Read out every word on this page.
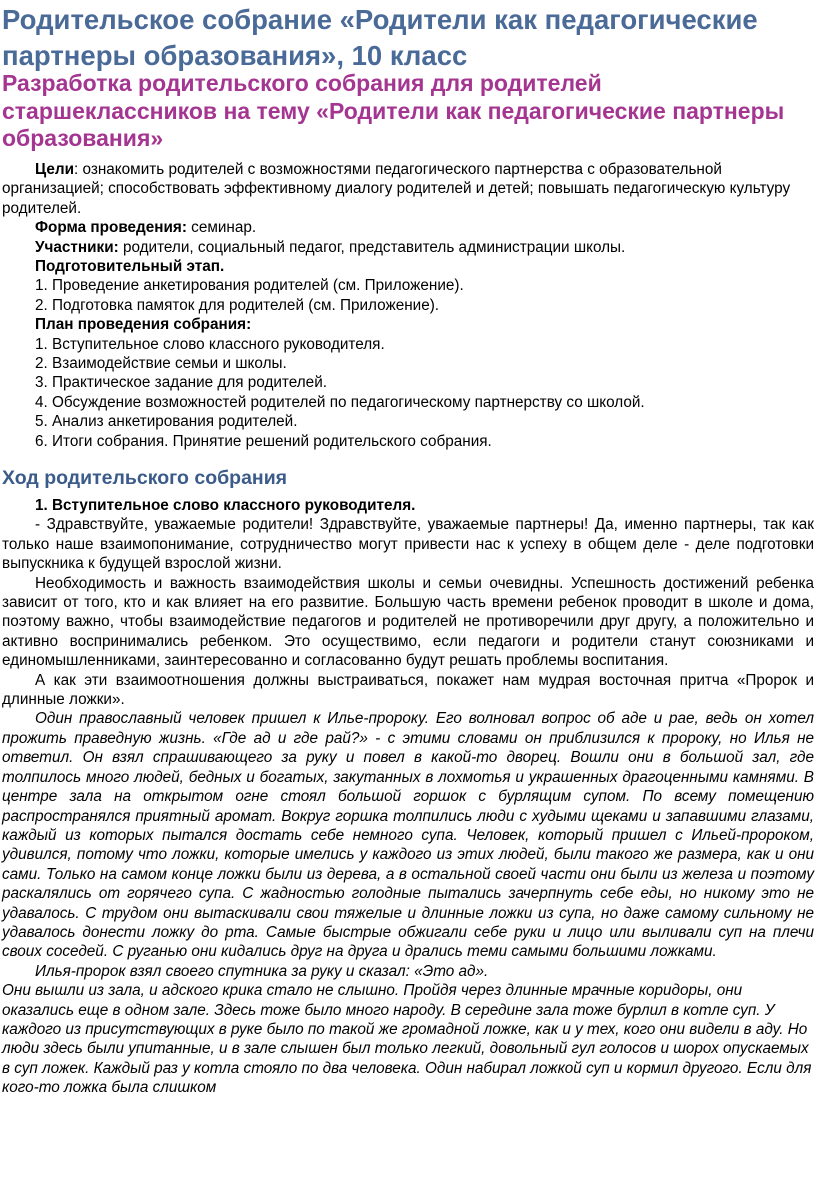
Родительское собрание «Родители как педагогические партнеры образования», 10 класс
Разработка родительского собрания для родителей старшеклассников на тему «Родители как педагогические партнеры образования»

Цели: ознакомить родителей с возможностями педагогического партнерства с образовательной организацией; способствовать эффективному диалогу родителей и детей; повышать педагогическую культуру родителей.

Форма проведения: семинар.

Участники: родители, социальный педагог, представитель администрации школы.

Подготовительный этап.

1. Проведение анкетирования родителей (см. Приложение).

2. Подготовка памяток для родителей (см. Приложение).

План проведения собрания:

1. Вступительное слово классного руководителя.

2. Взаимодействие семьи и школы.

3. Практическое задание для родителей.

4. Обсуждение возможностей родителей по педагогическому партнерству со школой.

5. Анализ анкетирования родителей.

6. Итоги собрания. Принятие решений родительского собрания.

Ход родительского собрания

1. Вступительное слово классного руководителя.

- Здравствуйте, уважаемые родители! Здравствуйте, уважаемые партнеры! Да, именно партнеры, так как только наше взаимопонимание, сотрудничество могут привести нас к успеху в общем деле - деле подготовки выпускника к будущей взрослой жизни.

Необходимость и важность взаимодействия школы и семьи очевидны. Успешность достижений ребенка зависит от того, кто и как влияет на его развитие. Большую часть времени ребенок проводит в школе и дома, поэтому важно, чтобы взаимодействие педагогов и родителей не противоречили друг другу, а положительно и активно воспринимались ребенком. Это осуществимо, если педагоги и родители станут союзниками и единомышленниками, заинтересованно и согласованно будут решать проблемы воспитания.

А как эти взаимоотношения должны выстраиваться, покажет нам мудрая восточная притча «Пророк и длинные ложки».

Один православный человек пришел к Илье-пророку. Его волновал вопрос об аде и рае, ведь он хотел прожить праведную жизнь. «Где ад и где рай?» - с этими словами он приблизился к пророку, но Илья не ответил. Он взял спрашивающего за руку и повел в какой-то дворец. Вошли они в большой зал, где толпилось много людей, бедных и богатых, закутанных в лохмотья и украшенных драгоценными камнями. В центре зала на открытом огне стоял большой горшок с бурлящим супом. По всему помещению распространялся приятный аромат. Вокруг горшка толпились люди с худыми щеками и запавшими глазами, каждый из которых пытался достать себе немного супа. Человек, который пришел с Ильей-пророком, удивился, потому что ложки, которые имелись у каждого из этих людей, были такого же размера, как и они сами. Только на самом конце ложки были из дерева, а в остальной своей части они были из железа и поэтому раскалялись от горячего супа. С жадностью голодные пытались зачерпнуть себе еды, но никому это не удавалось. С трудом они вытаскивали свои тяжелые и длинные ложки из супа, но даже самому сильному не удавалось донести ложку до рта. Самые быстрые обжигали себе руки и лицо или выливали суп на плечи своих соседей. С руганью они кидались друг на друга и дрались теми самыми большими ложками.

Илья-пророк взял своего спутника за руку и сказал: «Это ад».

Они вышли из зала, и адского крика стало не слышно. Пройдя через длинные мрачные коридоры, они оказались еще в одном зале. Здесь тоже было много народу. В середине зала тоже бурлил в котле суп. У каждого из присутствующих в руке было по такой же громадной ложке, как и у тех, кого они видели в аду. Но люди здесь были упитанные, и в зале слышен был только легкий, довольный гул голосов и шорох опускаемых в суп ложек. Каждый раз у котла стояло по два человека. Один набирал ложкой суп и кормил другого. Если для кого-то ложка была слишком
